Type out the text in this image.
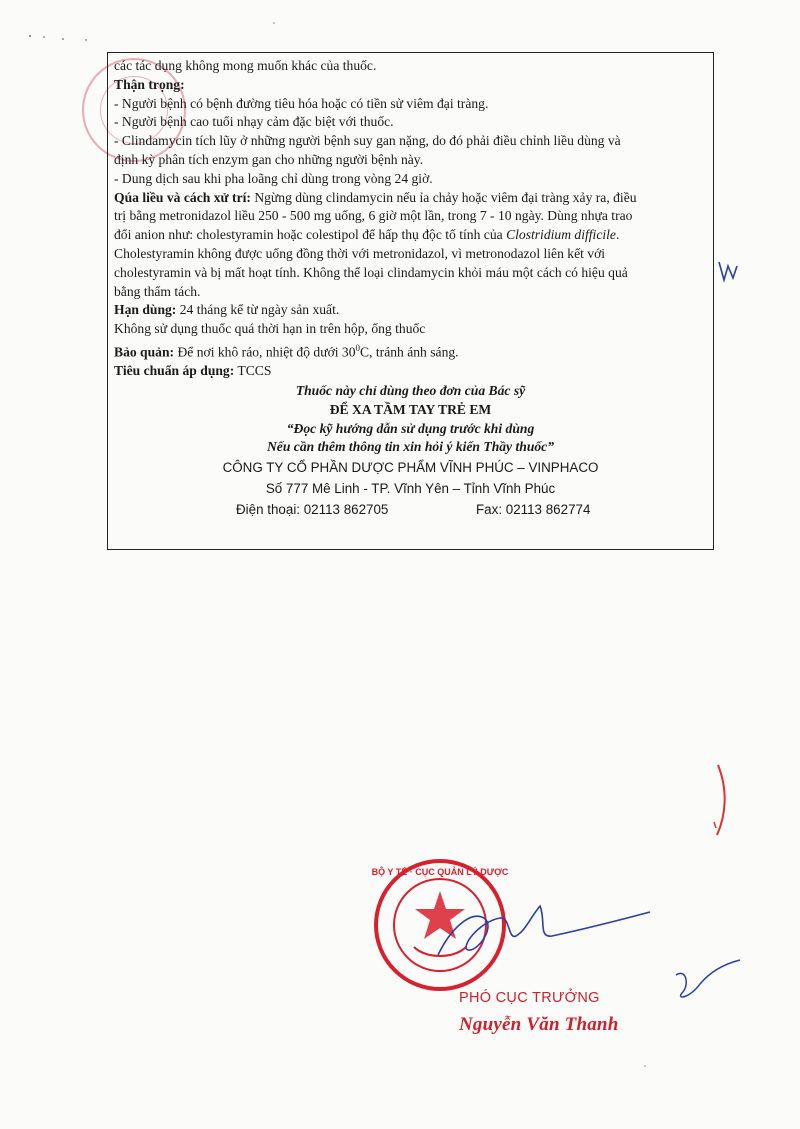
các tác dụng không mong muốn khác của thuốc.
Thận trọng:
- Người bệnh có bệnh đường tiêu hóa hoặc có tiền sử viêm đại tràng.
- Người bệnh cao tuổi nhạy cảm đặc biệt với thuốc.
- Clindamycin tích lũy ở những người bệnh suy gan nặng, do đó phải điều chỉnh liều dùng và
định kỳ phân tích enzym gan cho những người bệnh này.
- Dung dịch sau khi pha loãng chỉ dùng trong vòng 24 giờ.
Qúa liều và cách xử trí: Ngừng dùng clindamycin nếu ỉa chảy hoặc viêm đại tràng xảy ra, điều
trị bằng metronidazol liều 250 - 500 mg uống, 6 giờ một lần, trong 7 - 10 ngày. Dùng nhựa trao
đổi anion như: cholestyramin hoặc colestipol để hấp thụ độc tố tính của Clostridium difficile.
Cholestyramin không được uống đồng thời với metronidazol, vì metronodazol liên kết với
cholestyramin và bị mất hoạt tính. Không thể loại clindamycin khỏi máu một cách có hiệu quả
bằng thẩm tách.
Hạn dùng: 24 tháng kể từ ngày sản xuất.
Không sử dụng thuốc quá thời hạn in trên hộp, ống thuốc
Bảo quản: Để nơi khô ráo, nhiệt độ dưới $30^0C$, tránh ánh sáng.
Tiêu chuẩn áp dụng: TCCS
Thuốc này chỉ dùng theo đơn của Bác sỹ
ĐỂ XA TẦM TAY TRẺ EM
“Đọc kỹ hướng dẫn sử dụng trước khi dùng
Nếu cần thêm thông tin xin hỏi ý kiến Thầy thuốc”
CÔNG TY CỔ PHẦN DƯỢC PHẨM VĨNH PHÚC – VINPHACO
Số 777 Mê Linh - TP. Vĩnh Yên – Tỉnh Vĩnh Phúc
Điện thoại: 02113 862705	Fax: 02113 862774
BỘ Y TẾ · CỤC QUẢN LÝ DƯỢC
PHÓ CỤC TRƯỞNG
Nguyễn Văn Thanh
